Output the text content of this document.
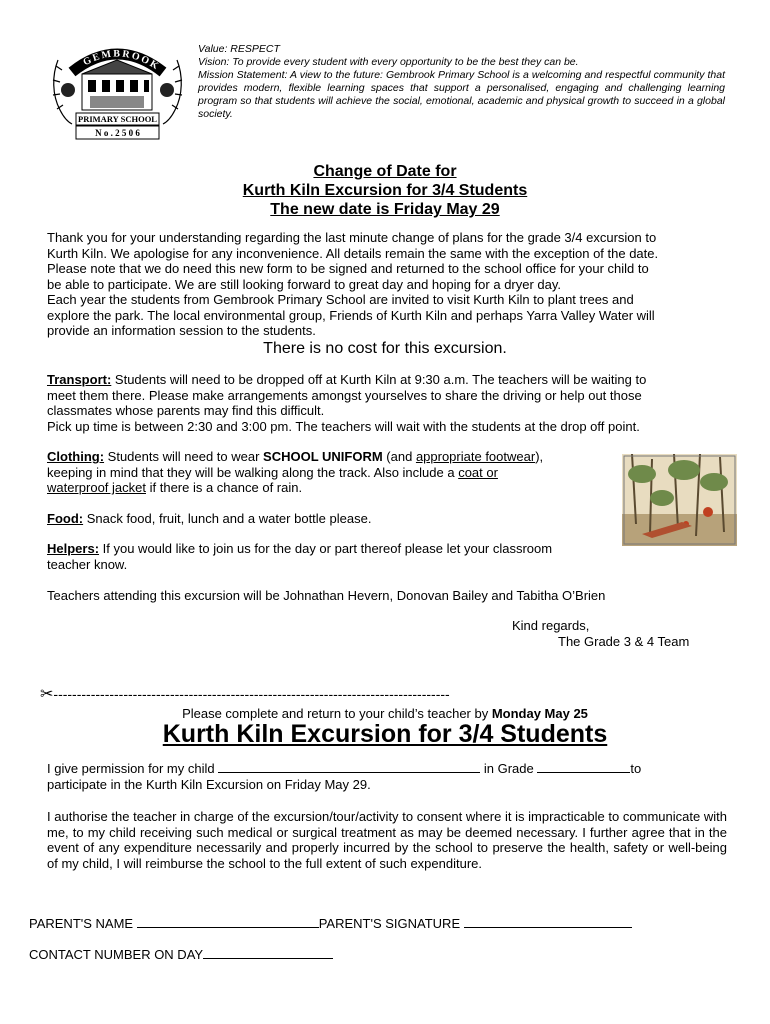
GEMBROOK
PRIMARY SCHOOL
N o . 2 5 0 6

Value: RESPECT

Vision: To provide every student with every opportunity to be the best they can be.

Mission Statement: A view to the future: Gembrook Primary School is a welcoming and respectful community that provides modern, flexible learning spaces that support a personalised, engaging and challenging learning program so that students will achieve the social, emotional, academic and physical growth to succeed in a global society.

Change of Date for
Kurth Kiln Excursion for 3/4 Students
The new date is Friday May 29

Thank you for your understanding regarding the last minute change of plans for the grade 3/4 excursion to

Kurth Kiln. We apologise for any inconvenience. All details remain the same with the exception of the date.

Please note that we do need this new form to be signed and returned to the school office for your child to

be able to participate. We are still looking forward to great day and hoping for a dryer day.

Each year the students from Gembrook Primary School are invited to visit Kurth Kiln to plant trees and

explore the park. The local environmental group, Friends of Kurth Kiln and perhaps Yarra Valley Water will

provide an information session to the students.

There is no cost for this excursion.

Transport: Students will need to be dropped off at Kurth Kiln at 9:30 a.m. The teachers will be waiting to

meet them there. Please make arrangements amongst yourselves to share the driving or help out those

classmates whose parents may find this difficult.

Pick up time is between 2:30 and 3:00 pm. The teachers will wait with the students at the drop off point.

Clothing: Students will need to wear SCHOOL UNIFORM (and appropriate footwear),

keeping in mind that they will be walking along the track. Also include a coat or

waterproof jacket if there is a chance of rain.

Food: Snack food, fruit, lunch and a water bottle please.

Helpers: If you would like to join us for the day or part thereof please let your classroom

teacher know.

Teachers attending this excursion will be Johnathan Hevern, Donovan Bailey and Tabitha O’Brien

Kind regards,

The Grade 3 & 4 Team

✂-------------------------------------------------------------------------------------
Please complete and return to your child’s teacher by Monday May 25
Kurth Kiln Excursion for 3/4 Students

I give permission for my child	in Grade	to

participate in the Kurth Kiln Excursion on Friday May 29.

I authorise the teacher in charge of the excursion/tour/activity to consent where it is impracticable to communicate with me, to my child receiving such medical or surgical treatment as may be deemed necessary. I further agree that in the event of any expenditure necessarily and properly incurred by the school to preserve the health, safety or well-being of my child, I will reimburse the school to the full extent of such expenditure.
PARENT'S NAME	PARENT'S SIGNATURE
CONTACT NUMBER ON DAY
